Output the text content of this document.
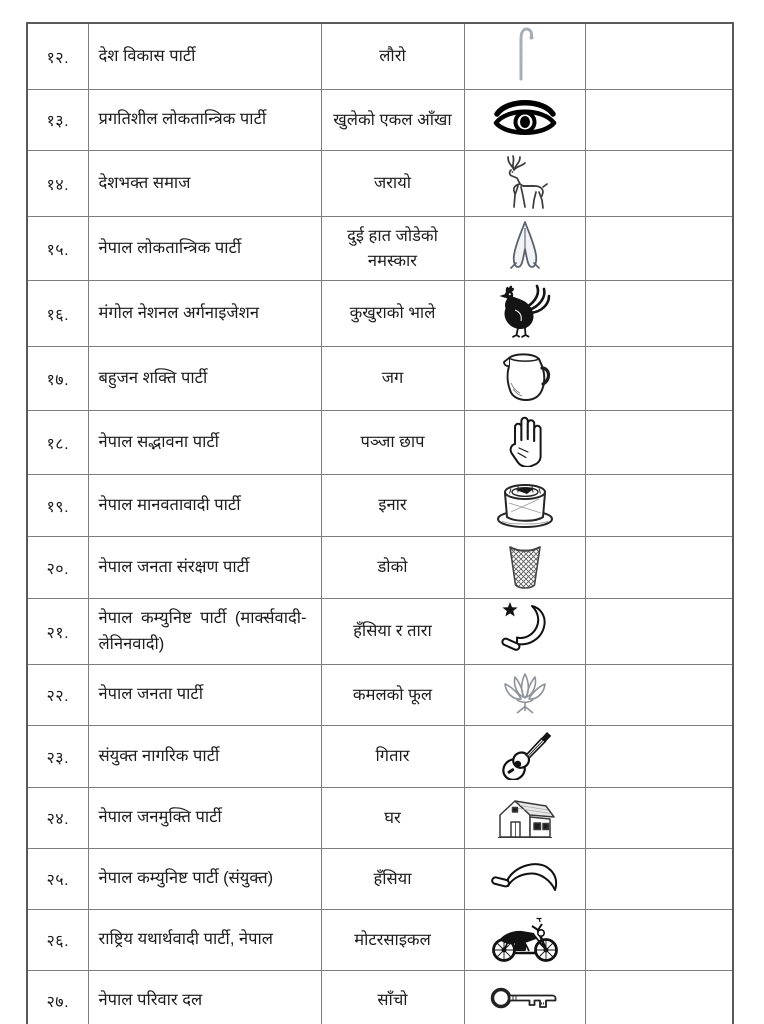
१२.	देश विकास पार्टी	लौरो	

१३.	प्रगतिशील लोकतान्त्रिक पार्टी	खुलेको एकल आँखा	

१४.	देशभक्त समाज	जरायो	

१५.	नेपाल लोकतान्त्रिक पार्टी	दुई हात जोडेको नमस्कार	

१६.	मंगोल नेशनल अर्गनाइजेशन	कुखुराको भाले	

१७.	बहुजन शक्ति पार्टी	जग	

१८.	नेपाल सद्भावना पार्टी	पञ्जा छाप	

१९.	नेपाल मानवतावादी पार्टी	इनार	

२०.	नेपाल जनता संरक्षण पार्टी	डोको	

२१.	नेपाल कम्युनिष्ट पार्टी (मार्क्सवादी- लेनिनवादी)	हँसिया र तारा	

२२.	नेपाल जनता पार्टी	कमलको फूल	

२३.	संयुक्त नागरिक पार्टी	गितार	

२४.	नेपाल जनमुक्ति पार्टी	घर	

२५.	नेपाल कम्युनिष्ट पार्टी (संयुक्त)	हँसिया	

२६.	राष्ट्रिय यथार्थवादी पार्टी, नेपाल	मोटरसाइकल	

२७.	नेपाल परिवार दल	साँचो	
